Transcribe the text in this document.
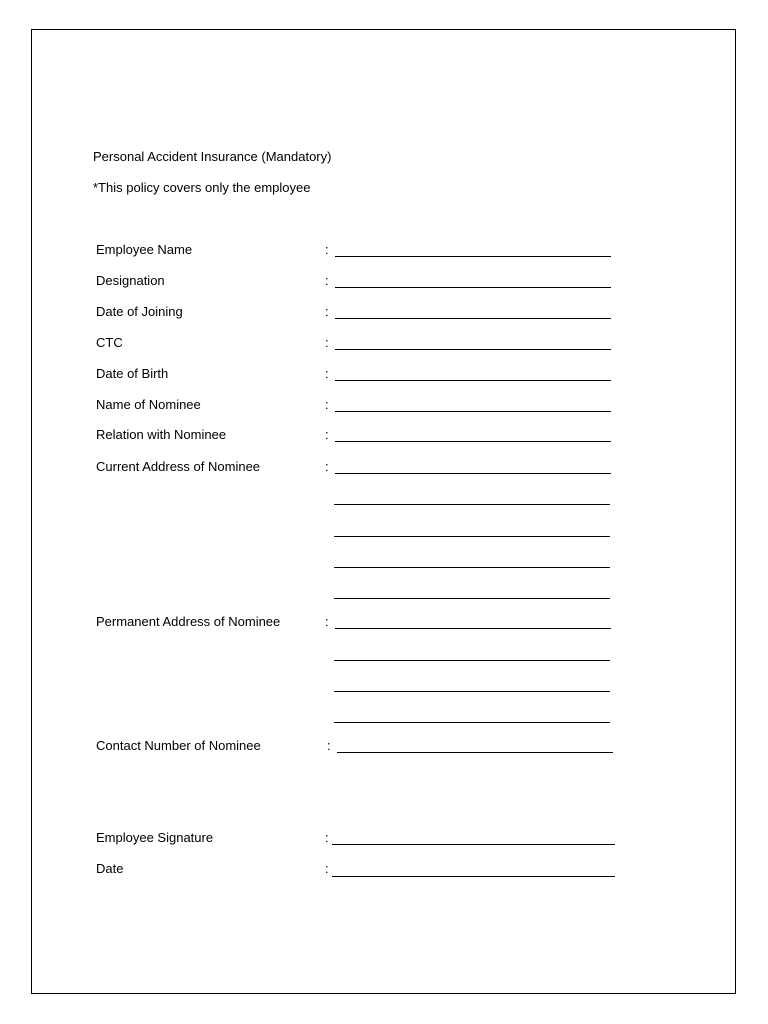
Personal Accident Insurance (Mandatory)
*This policy covers only the employee
Employee Name	:
Designation	:
Date of Joining	:
CTC	:
Date of Birth	:
Name of Nominee	:
Relation with Nominee	:
Current Address of Nominee	:
Permanent Address of Nominee	:
Contact Number of Nominee	:
Employee Signature	:
Date	:
